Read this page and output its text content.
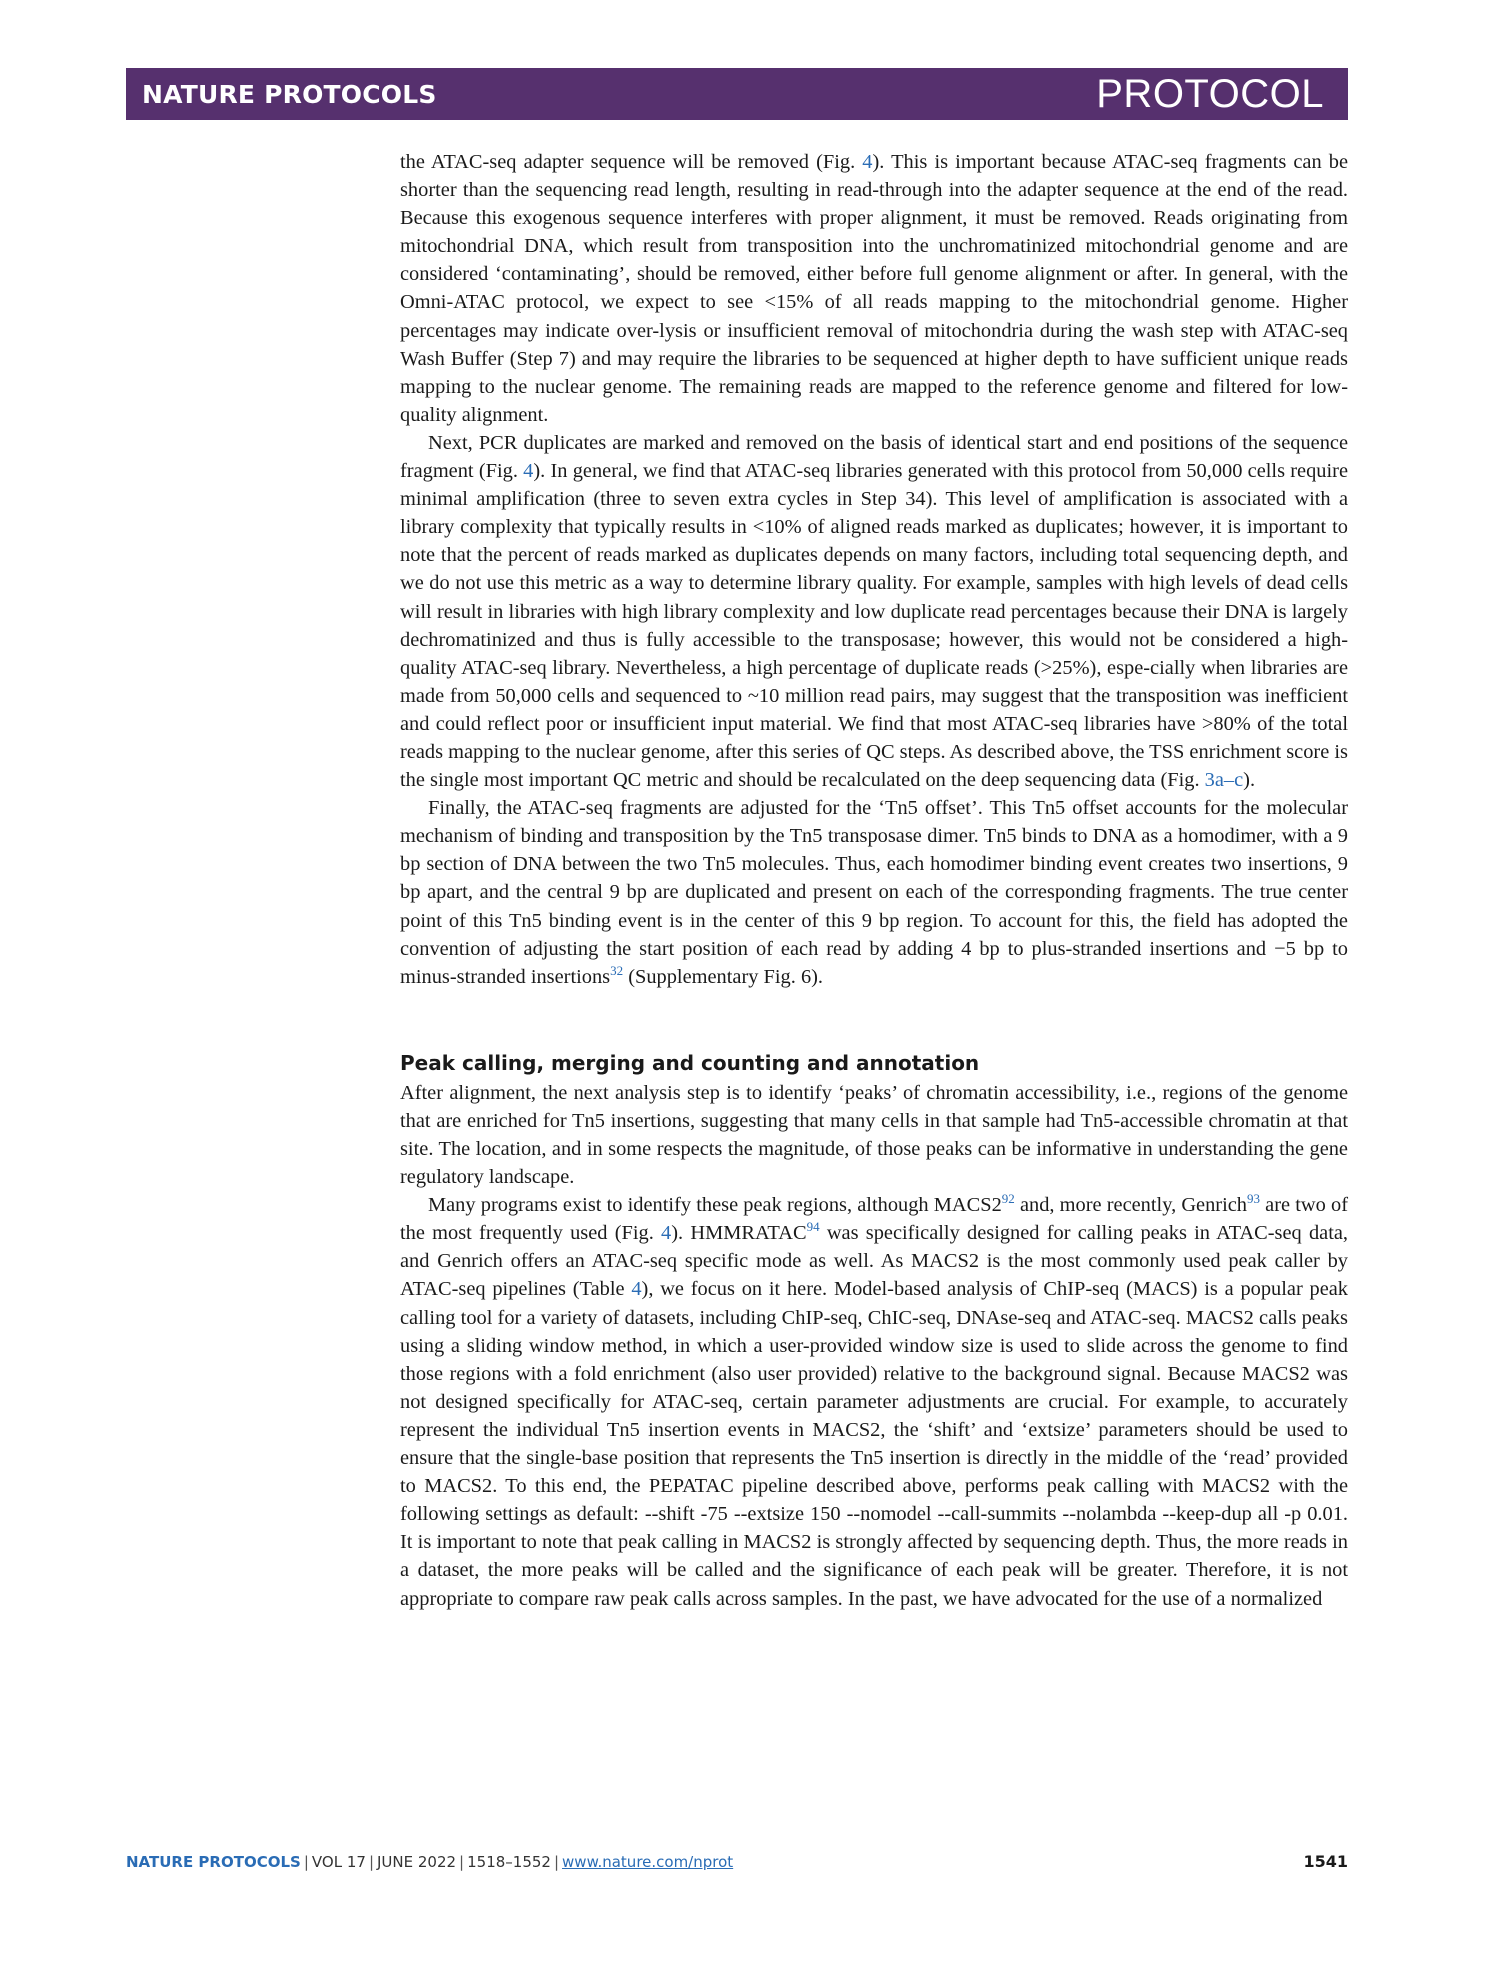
NATURE PROTOCOLS	PROTOCOL

the ATAC-seq adapter sequence will be removed (Fig. 4). This is important because ATAC-seq fragments can be shorter than the sequencing read length, resulting in read-through into the adapter sequence at the end of the read. Because this exogenous sequence interferes with proper alignment, it must be removed. Reads originating from mitochondrial DNA, which result from transposition into the unchromatinized mitochondrial genome and are considered ‘contaminating’, should be removed, either before full genome alignment or after. In general, with the Omni-ATAC protocol, we expect to see <15% of all reads mapping to the mitochondrial genome. Higher percentages may indicate over-lysis or insufficient removal of mitochondria during the wash step with ATAC-seq Wash Buffer (Step 7) and may require the libraries to be sequenced at higher depth to have sufficient unique reads mapping to the nuclear genome. The remaining reads are mapped to the reference genome and filtered for low-quality alignment.

Next, PCR duplicates are marked and removed on the basis of identical start and end positions of the sequence fragment (Fig. 4). In general, we find that ATAC-seq libraries generated with this protocol from 50,000 cells require minimal amplification (three to seven extra cycles in Step 34). This level of amplification is associated with a library complexity that typically results in <10% of aligned reads marked as duplicates; however, it is important to note that the percent of reads marked as duplicates depends on many factors, including total sequencing depth, and we do not use this metric as a way to determine library quality. For example, samples with high levels of dead cells will result in libraries with high library complexity and low duplicate read percentages because their DNA is largely dechromatinized and thus is fully accessible to the transposase; however, this would not be considered a high-quality ATAC-seq library. Nevertheless, a high percentage of duplicate reads (>25%), espe-cially when libraries are made from 50,000 cells and sequenced to ~10 million read pairs, may suggest that the transposition was inefficient and could reflect poor or insufficient input material. We find that most ATAC-seq libraries have >80% of the total reads mapping to the nuclear genome, after this series of QC steps. As described above, the TSS enrichment score is the single most important QC metric and should be recalculated on the deep sequencing data (Fig. 3a–c).

Finally, the ATAC-seq fragments are adjusted for the ‘Tn5 offset’. This Tn5 offset accounts for the molecular mechanism of binding and transposition by the Tn5 transposase dimer. Tn5 binds to DNA as a homodimer, with a 9 bp section of DNA between the two Tn5 molecules. Thus, each homodimer binding event creates two insertions, 9 bp apart, and the central 9 bp are duplicated and present on each of the corresponding fragments. The true center point of this Tn5 binding event is in the center of this 9 bp region. To account for this, the field has adopted the convention of adjusting the start position of each read by adding 4 bp to plus-stranded insertions and −5 bp to minus-stranded insertions$^{32}$ (Supplementary Fig. 6).

Peak calling, merging and counting and annotation

After alignment, the next analysis step is to identify ‘peaks’ of chromatin accessibility, i.e., regions of the genome that are enriched for Tn5 insertions, suggesting that many cells in that sample had Tn5-accessible chromatin at that site. The location, and in some respects the magnitude, of those peaks can be informative in understanding the gene regulatory landscape.

Many programs exist to identify these peak regions, although MACS2$^{92}$ and, more recently, Genrich$^{93}$ are two of the most frequently used (Fig. 4). HMMRATAC$^{94}$ was specifically designed for calling peaks in ATAC-seq data, and Genrich offers an ATAC-seq specific mode as well. As MACS2 is the most commonly used peak caller by ATAC-seq pipelines (Table 4), we focus on it here. Model-based analysis of ChIP-seq (MACS) is a popular peak calling tool for a variety of datasets, including ChIP-seq, ChIC-seq, DNAse-seq and ATAC-seq. MACS2 calls peaks using a sliding window method, in which a user-provided window size is used to slide across the genome to find those regions with a fold enrichment (also user provided) relative to the background signal. Because MACS2 was not designed specifically for ATAC-seq, certain parameter adjustments are crucial. For example, to accurately represent the individual Tn5 insertion events in MACS2, the ‘shift’ and ‘extsize’ parameters should be used to ensure that the single-base position that represents the Tn5 insertion is directly in the middle of the ‘read’ provided to MACS2. To this end, the PEPATAC pipeline described above, performs peak calling with MACS2 with the following settings as default: --shift -75 --extsize 150 --nomodel --call-summits --nolambda --keep-dup all -p 0.01. It is important to note that peak calling in MACS2 is strongly affected by sequencing depth. Thus, the more reads in a dataset, the more peaks will be called and the significance of each peak will be greater. Therefore, it is not appropriate to compare raw peak calls across samples. In the past, we have advocated for the use of a normalized

NATURE PROTOCOLS | VOL 17 | JUNE 2022 | 1518–1552 | www.nature.com/nprot	1541
